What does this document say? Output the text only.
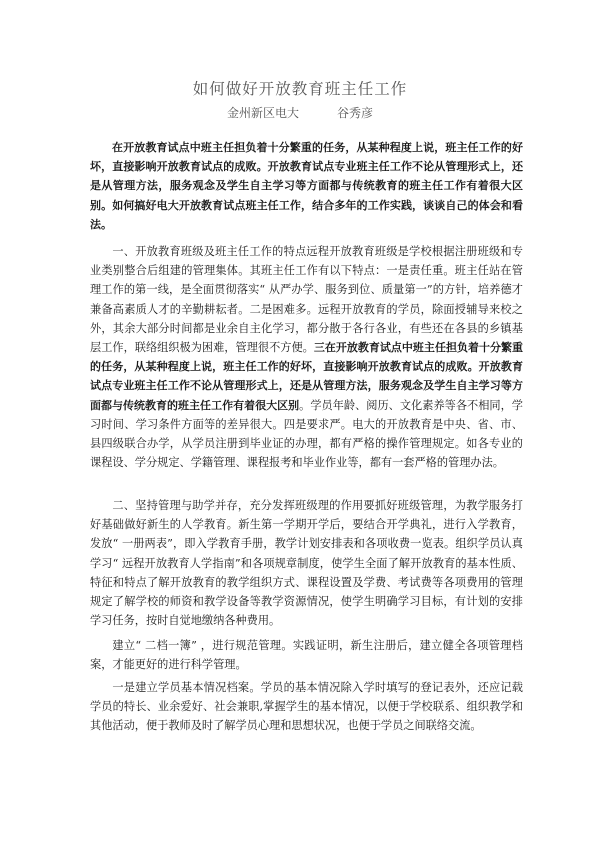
如何做好开放教育班主任工作
金州新区电大	谷秀彦
在开放教育试点中班主任担负着十分繁重的任务，从某种程度上说，班主任工作的好坏，直接影响开放教育试点的成败。开放教育试点专业班主任工作不论从管理形式上，还是从管理方法，服务观念及学生自主学习等方面都与传统教育的班主任工作有着很大区别。如何搞好电大开放教育试点班主任工作，结合多年的工作实践，谈谈自己的体会和看法。
一、开放教育班级及班主任工作的特点远程开放教育班级是学校根据注册班级和专业类别整合后组建的管理集体。其班主任工作有以下特点：一是责任重。班主任站在管理工作的第一线，是全面贯彻落实“ 从严办学、服务到位、质量第一”的方针，培养德才兼备高素质人才的辛勤耕耘者。二是困难多。远程开放教育的学员，除面授辅导来校之外，其余大部分时间都是业余自主化学习，都分散于各行各业，有些还在各县的乡镇基层工作，联络组织极为困难，管理很不方便。三在开放教育试点中班主任担负着十分繁重的任务，从某种程度上说，班主任工作的好坏，直接影响开放教育试点的成败。开放教育试点专业班主任工作不论从管理形式上，还是从管理方法，服务观念及学生自主学习等方面都与传统教育的班主任工作有着很大区别。学员年龄、阅历、文化素养等各不相同，学习时间、学习条件方面等的差异很大。四是要求严。电大的开放教育是中央、省、市、县四级联合办学，从学员注册到毕业证的办理，都有严格的操作管理规定。如各专业的课程设、学分规定、学籍管理、课程报考和毕业作业等，都有一套严格的管理办法。
二、坚持管理与助学并存，充分发挥班级理的作用要抓好班级管理，为教学服务打好基础做好新生的人学教育。新生第一学期开学后，要结合开学典礼，进行入学教育，发放“ 一册两表”，即入学教育手册，教学计划安排表和各项收费一览表。组织学员认真学习“ 远程开放教育人学指南”和各项规章制度，使学生全面了解开放教育的基本性质、特征和特点了解开放教育的教学组织方式、课程设置及学费、考试费等各项费用的管理规定了解学校的师资和教学设备等教学资源情况，使学生明确学习目标，有计划的安排学习任务，按时自觉地缴纳各种费用。
建立“ 二档一簿” ，进行规范管理。实践证明，新生注册后，建立健全各项管理档案，才能更好的进行科学管理。
一是建立学员基本情况档案。学员的基本情况除入学时填写的登记表外，还应记载学员的特长、业余爱好、社会兼职,掌握学生的基本情况，以便于学校联系、组织教学和其他活动，便于教师及时了解学员心理和思想状况，也便于学员之间联络交流。
